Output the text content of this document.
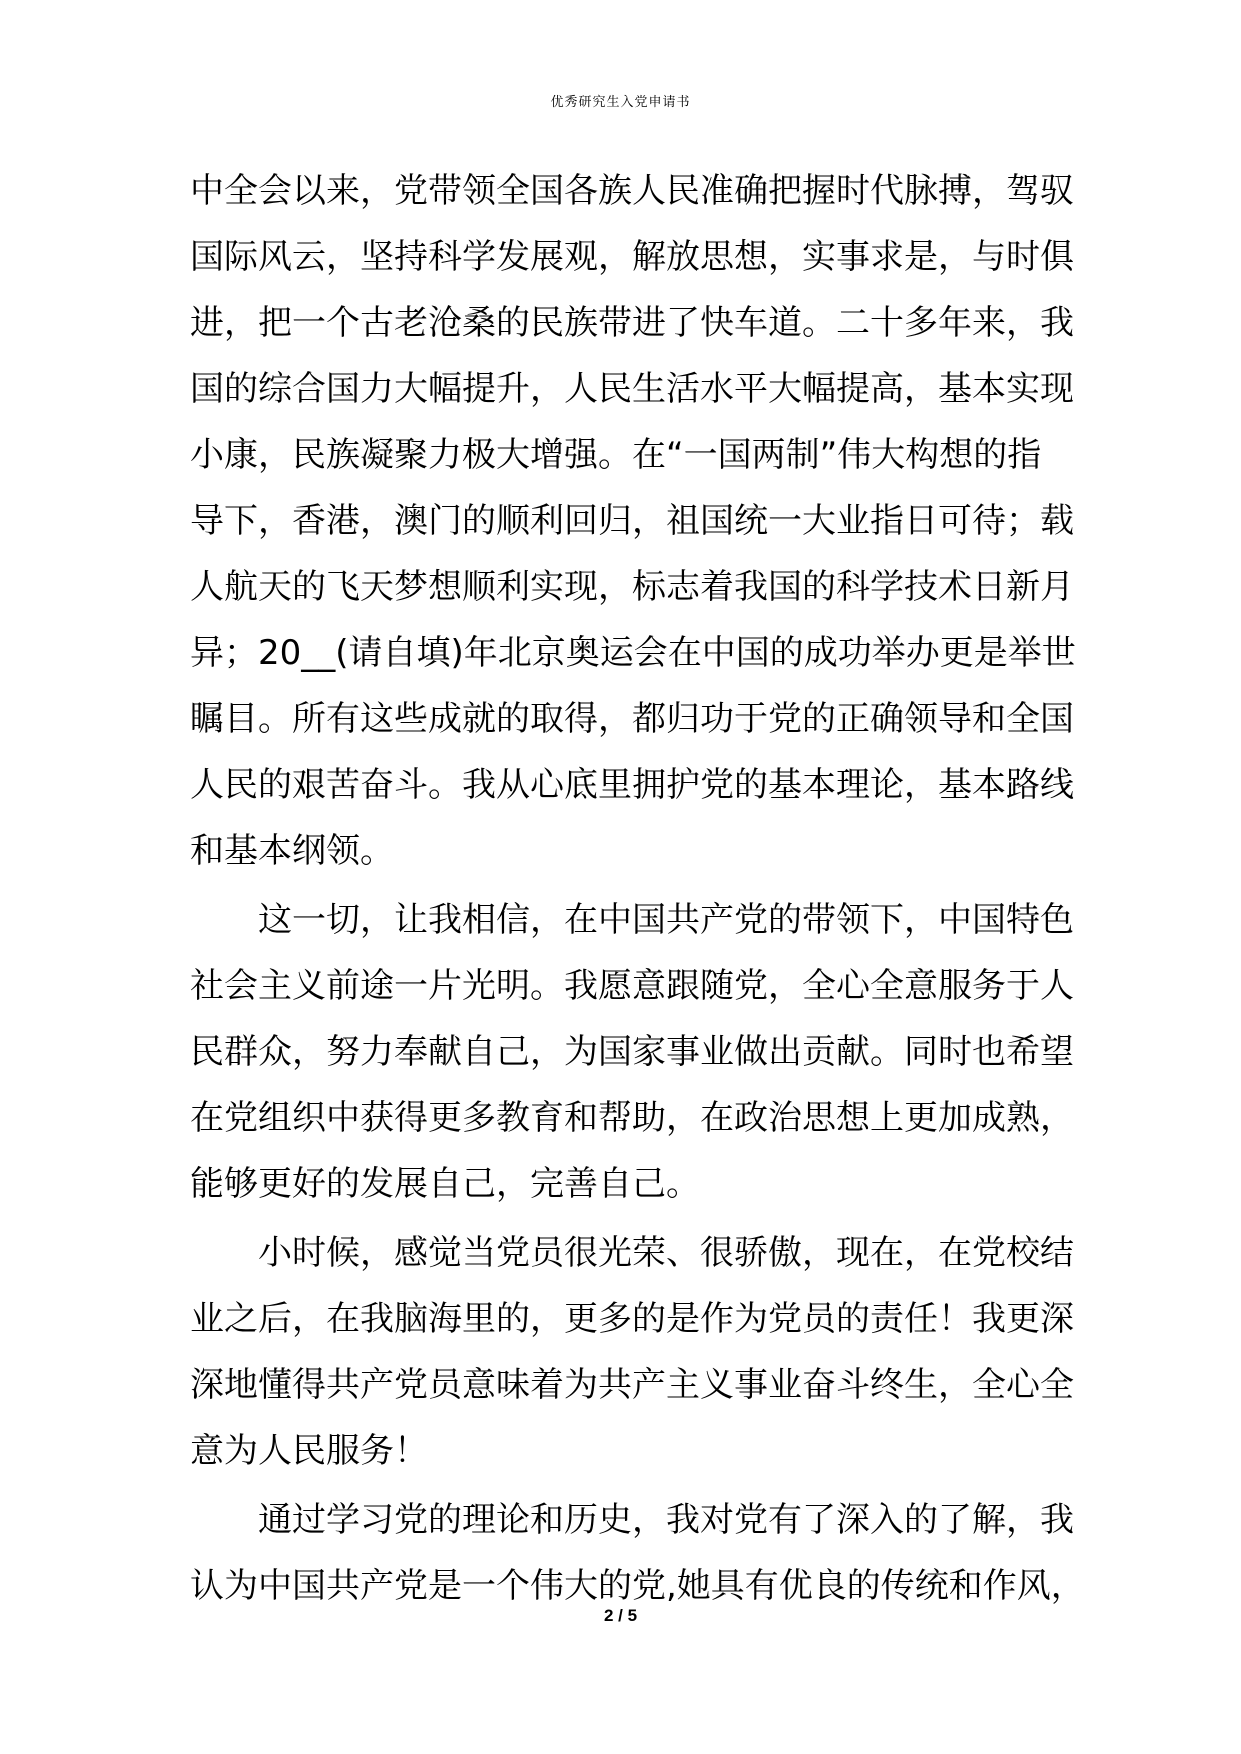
优秀研究生入党申请书
中全会以来，党带领全国各族人民准确把握时代脉搏，驾驭
国际风云，坚持科学发展观，解放思想，实事求是，与时俱
进，把一个古老沧桑的民族带进了快车道。二十多年来，我
国的综合国力大幅提升，人民生活水平大幅提高，基本实现
小康，民族凝聚力极大增强。在“一国两制”伟大构想的指
导下，香港，澳门的顺利回归，祖国统一大业指日可待；载
人航天的飞天梦想顺利实现，标志着我国的科学技术日新月
异；20__(请自填)年北京奥运会在中国的成功举办更是举世
瞩目。所有这些成就的取得，都归功于党的正确领导和全国
人民的艰苦奋斗。我从心底里拥护党的基本理论，基本路线
和基本纲领。
这一切，让我相信，在中国共产党的带领下，中国特色
社会主义前途一片光明。我愿意跟随党，全心全意服务于人
民群众，努力奉献自己，为国家事业做出贡献。同时也希望
在党组织中获得更多教育和帮助，在政治思想上更加成熟，
能够更好的发展自己，完善自己。
小时候，感觉当党员很光荣、很骄傲，现在，在党校结
业之后，在我脑海里的，更多的是作为党员的责任！我更深
深地懂得共产党员意味着为共产主义事业奋斗终生，全心全
意为人民服务！
通过学习党的理论和历史，我对党有了深入的了解，我
认为中国共产党是一个伟大的党,她具有优良的传统和作风，
2 / 5
